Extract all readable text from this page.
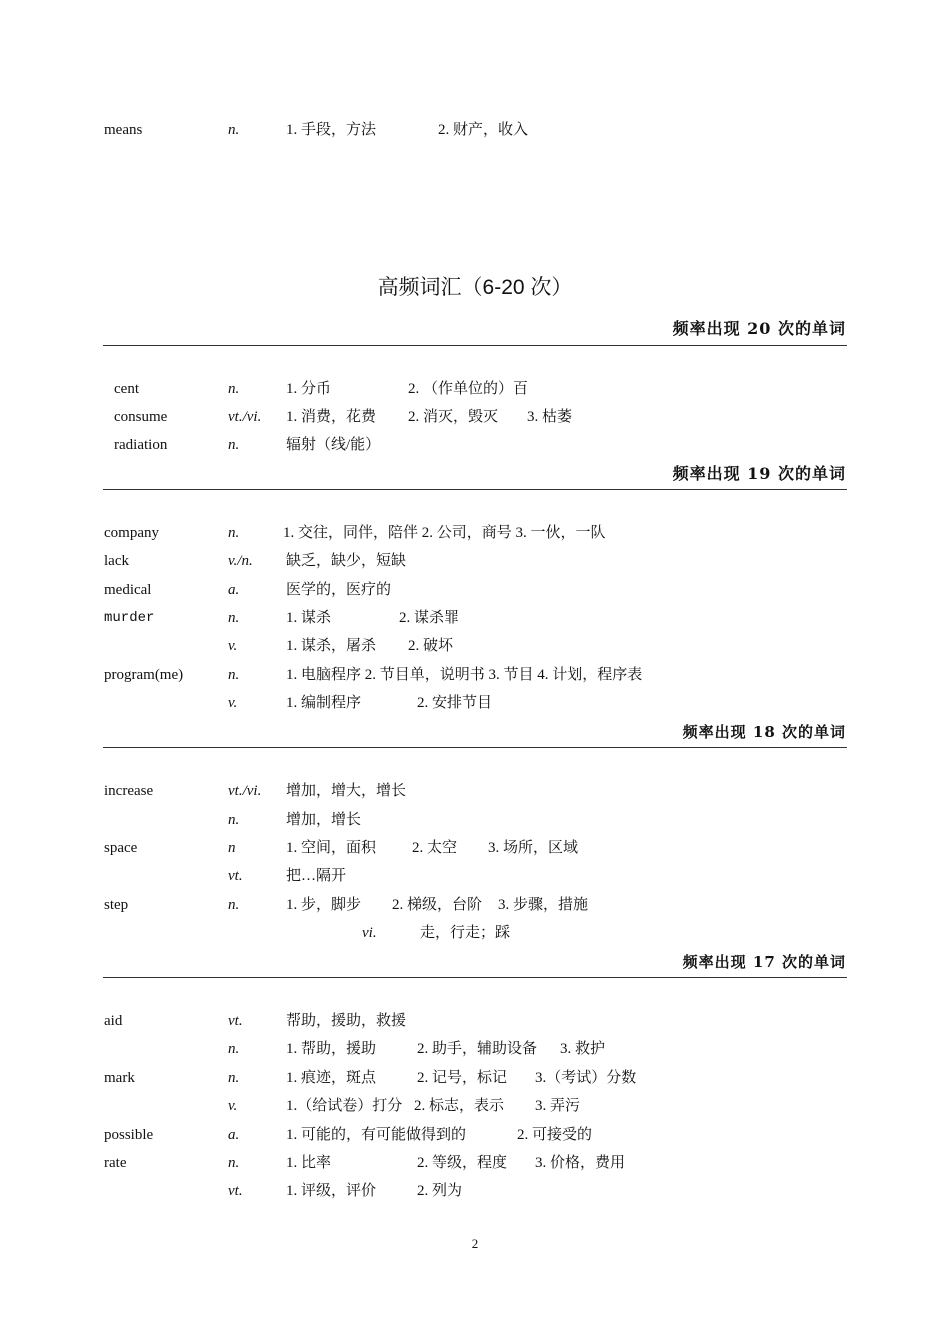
means	n.	1. 手段，方法	2. 财产，收入
高频词汇（6-20 次）
频率出现 20 次的单词
cent	n.	1. 分币	2. （作单位的）百
consume	vt./vi. 1. 消费，花费 2. 消灭，毁灭 3. 枯萎
radiation	n.	辐射（线/能）
频率出现 19 次的单词
company	n.	1. 交往，同伴，陪伴 2. 公司，商号 3. 一伙，一队
lack	v./n. 缺乏，缺少，短缺
medical	a.	医学的，医疗的
murder	n.	1. 谋杀	2. 谋杀罪
v.	1. 谋杀，屠杀 2. 破坏
program(me)	n.	1. 电脑程序 2. 节目单，说明书 3. 节目 4. 计划，程序表
v.	1. 编制程序	2. 安排节目
频率出现 18 次的单词
increase	vt./vi. 增加，增大，增长
n.	增加，增长
space	n	1. 空间，面积 2. 太空 3. 场所，区域
vt.	把…隔开
step	n.	1. 步，脚步 2. 梯级，台阶 3. 步骤，措施
vi.	走，行走；踩
频率出现 17 次的单词
aid	vt.	帮助，援助，救援
n.	1. 帮助，援助	2. 助手，辅助设备 3. 救护
mark	n.	1. 痕迹，斑点	2. 记号，标记 3.（考试）分数
v.	1.（给试卷）打分 2. 标志，表示 3. 弄污
possible	a.	1. 可能的，有可能做得到的	2. 可接受的
rate	n.	1. 比率	2. 等级，程度 3. 价格，费用
vt.	1. 评级，评价	2. 列为
2
